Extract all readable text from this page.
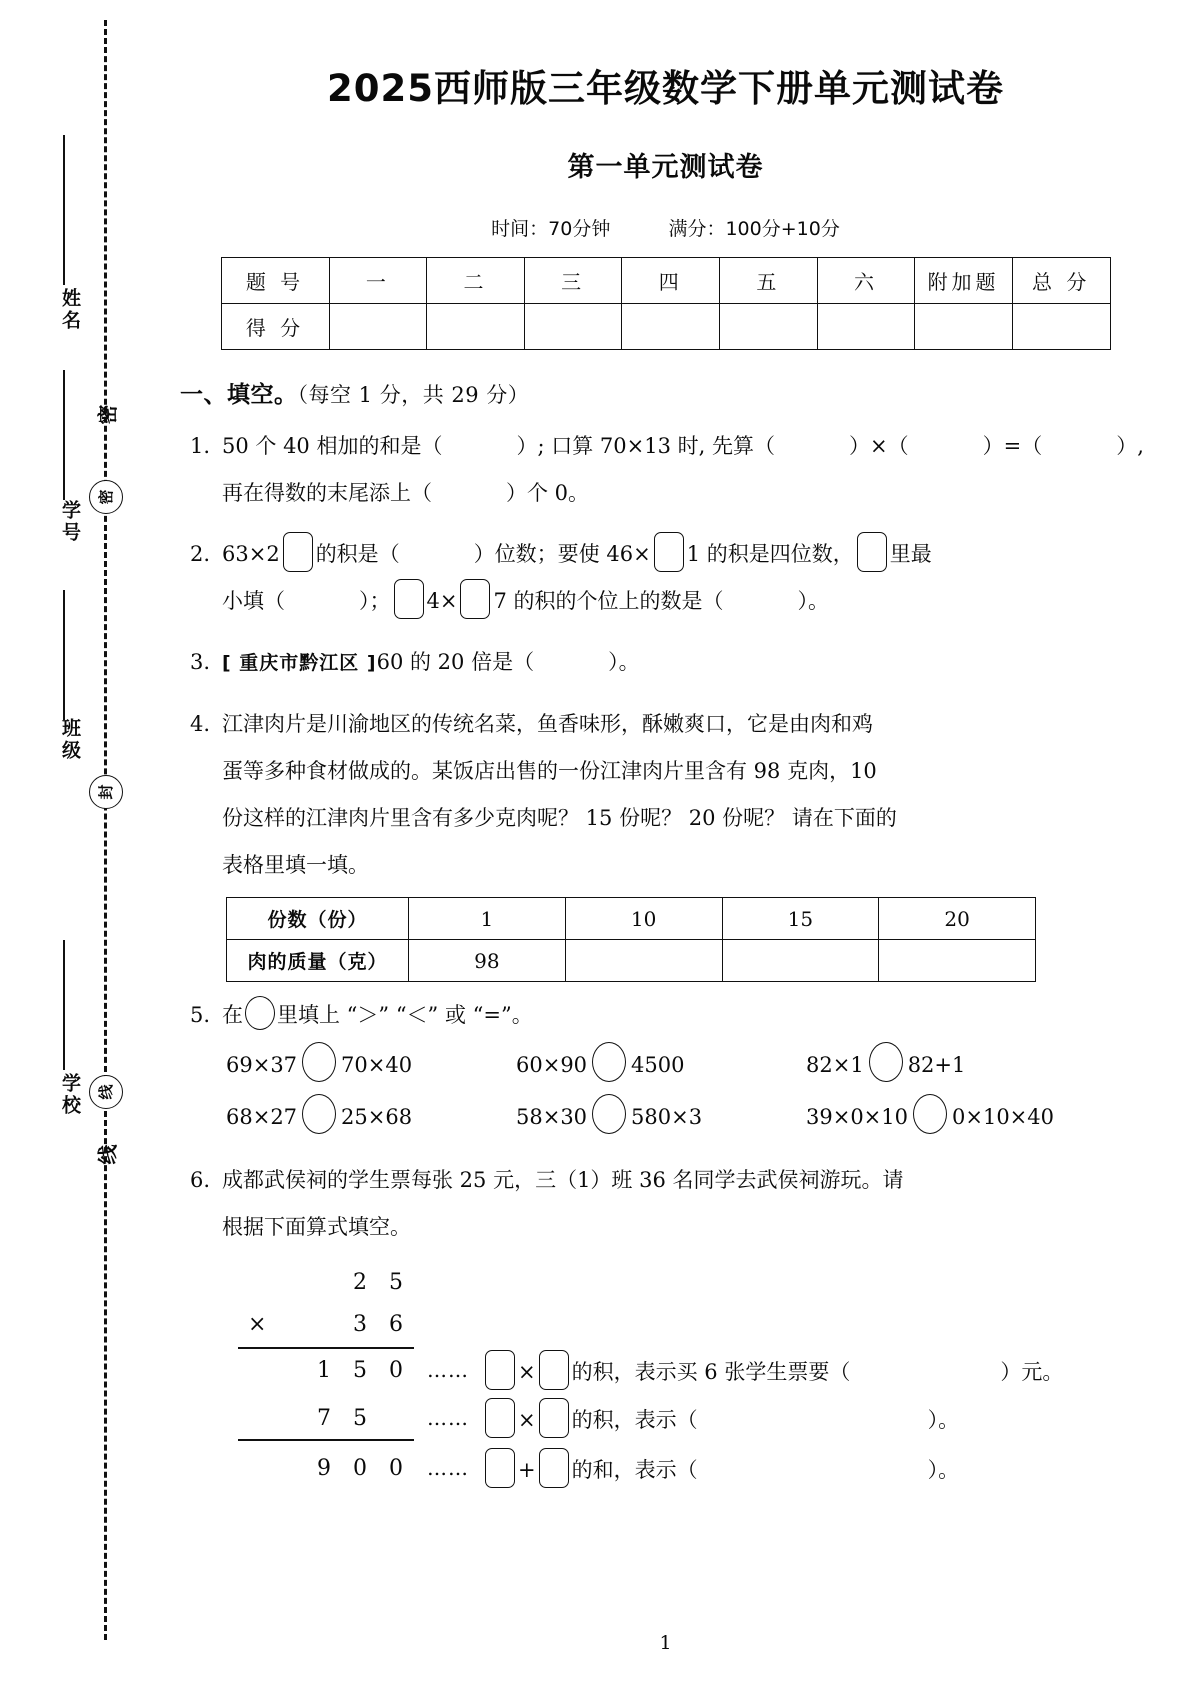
姓名
学号
班级
学校
密
密
封
线
线
2025西师版三年级数学下册单元测试卷
第一单元测试卷
时间：70分钟	满分：100分+10分
题 号	一	二	三	四	五	六	附加题	总 分
得 分								
一、填空。（每空 1 分，共 29 分）
1. 50 个 40 相加的和是 （  ）	; 口算 70×13 时, 先算 （  ）	× （  ）	= （  ）	,
再在得数的末尾添上 （  ）	个 0。
2. 63×2 的积是 （  ）	位数；要使 46× 1 的积是四位数， 里最
小填 （  ）	； 4× 7 的积的个位上的数是 （  ）	。
3. [ 重庆市黔江区 ]60 的 20 倍是 （  ）	。
4. 江津肉片是川渝地区的传统名菜，鱼香味形，酥嫩爽口，它是由肉和鸡
蛋等多种食材做成的。某饭店出售的一份江津肉片里含有 98 克肉，10
份这样的江津肉片里含有多少克肉呢？ 15 份呢？ 20 份呢？ 请在下面的
表格里填一填。
份数（份）	1	10	15	20
肉的质量（克）	98			
5. 在 里填上 “＞” “＜” 或 “=”。
69×37 70×40	60×90 4500	82×1 82+1
68×27 25×68	58×30 580×3	39×0×10 0×10×40
6. 成都武侯祠的学生票每张 25 元，三（1）班 36 名同学去武侯祠游玩。请
根据下面算式填空。
2	5
×	3	6
1	5	0	……	× 的积，表示买 6 张学生票要 （  ）	元。
7	5	……	× 的积，表示 （  ）	。
9	0	0	……	+ 的和，表示 （  ）	。
1
